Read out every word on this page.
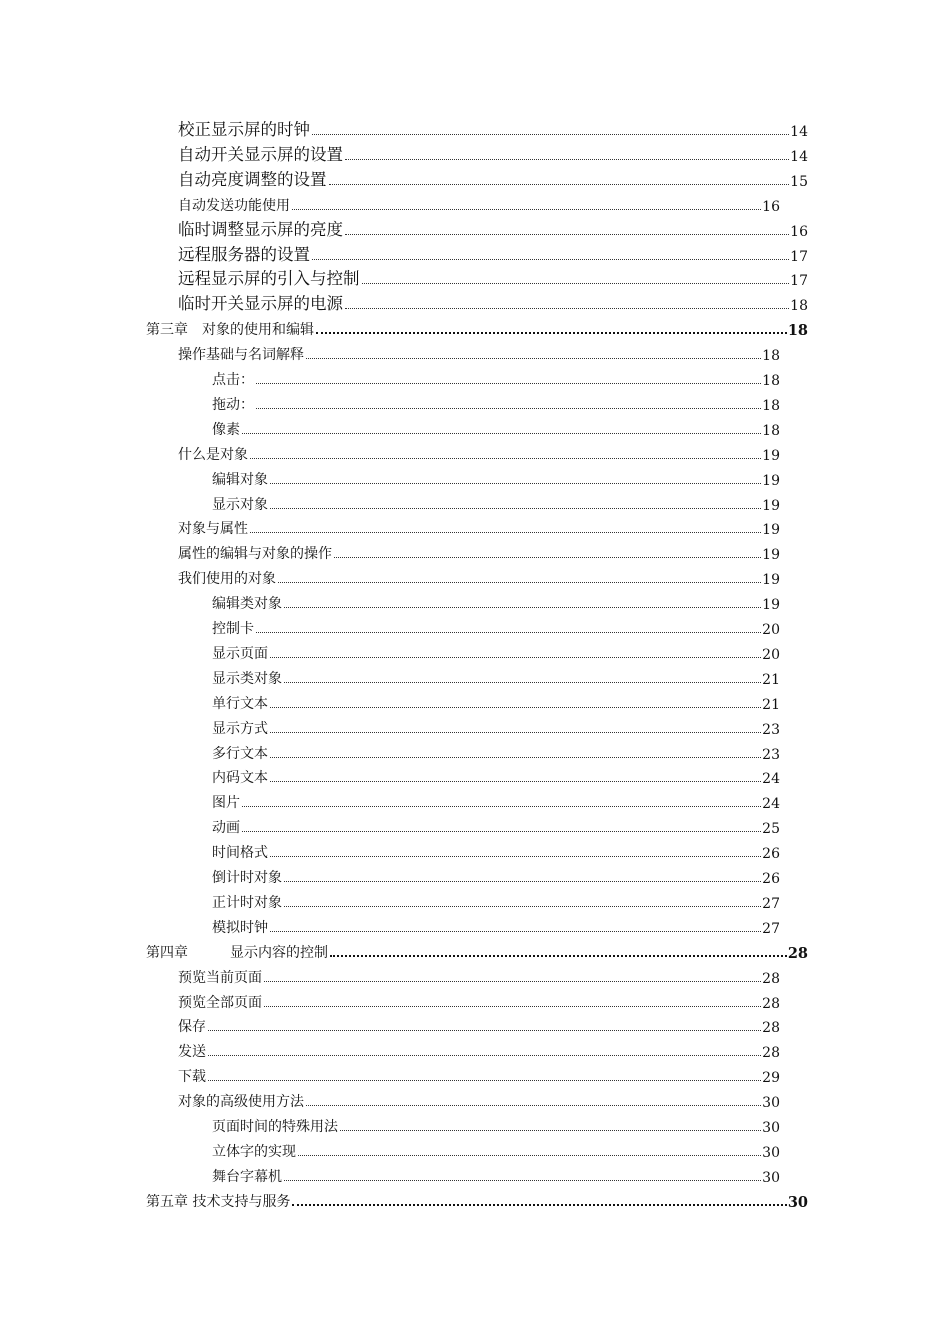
校正显示屏的时钟	14
自动开关显示屏的设置	14
自动亮度调整的设置	15
自动发送功能使用	16
临时调整显示屏的亮度	16
远程服务器的设置	17
远程显示屏的引入与控制	17
临时开关显示屏的电源	18
第三章　对象的使用和编辑	18
操作基础与名词解释	18
点击：	18
拖动：	18
像素	18
什么是对象	19
编辑对象	19
显示对象	19
对象与属性	19
属性的编辑与对象的操作	19
我们使用的对象	19
编辑类对象	19
控制卡	20
显示页面	20
显示类对象	21
单行文本	21
显示方式	23
多行文本	23
内码文本	24
图片	24
动画	25
时间格式	26
倒计时对象	26
正计时对象	27
模拟时钟	27
第四章　　　显示内容的控制	28
预览当前页面	28
预览全部页面	28
保存	28
发送	28
下载	29
对象的高级使用方法	30
页面时间的特殊用法	30
立体字的实现	30
舞台字幕机	30
第五章 技术支持与服务	30
